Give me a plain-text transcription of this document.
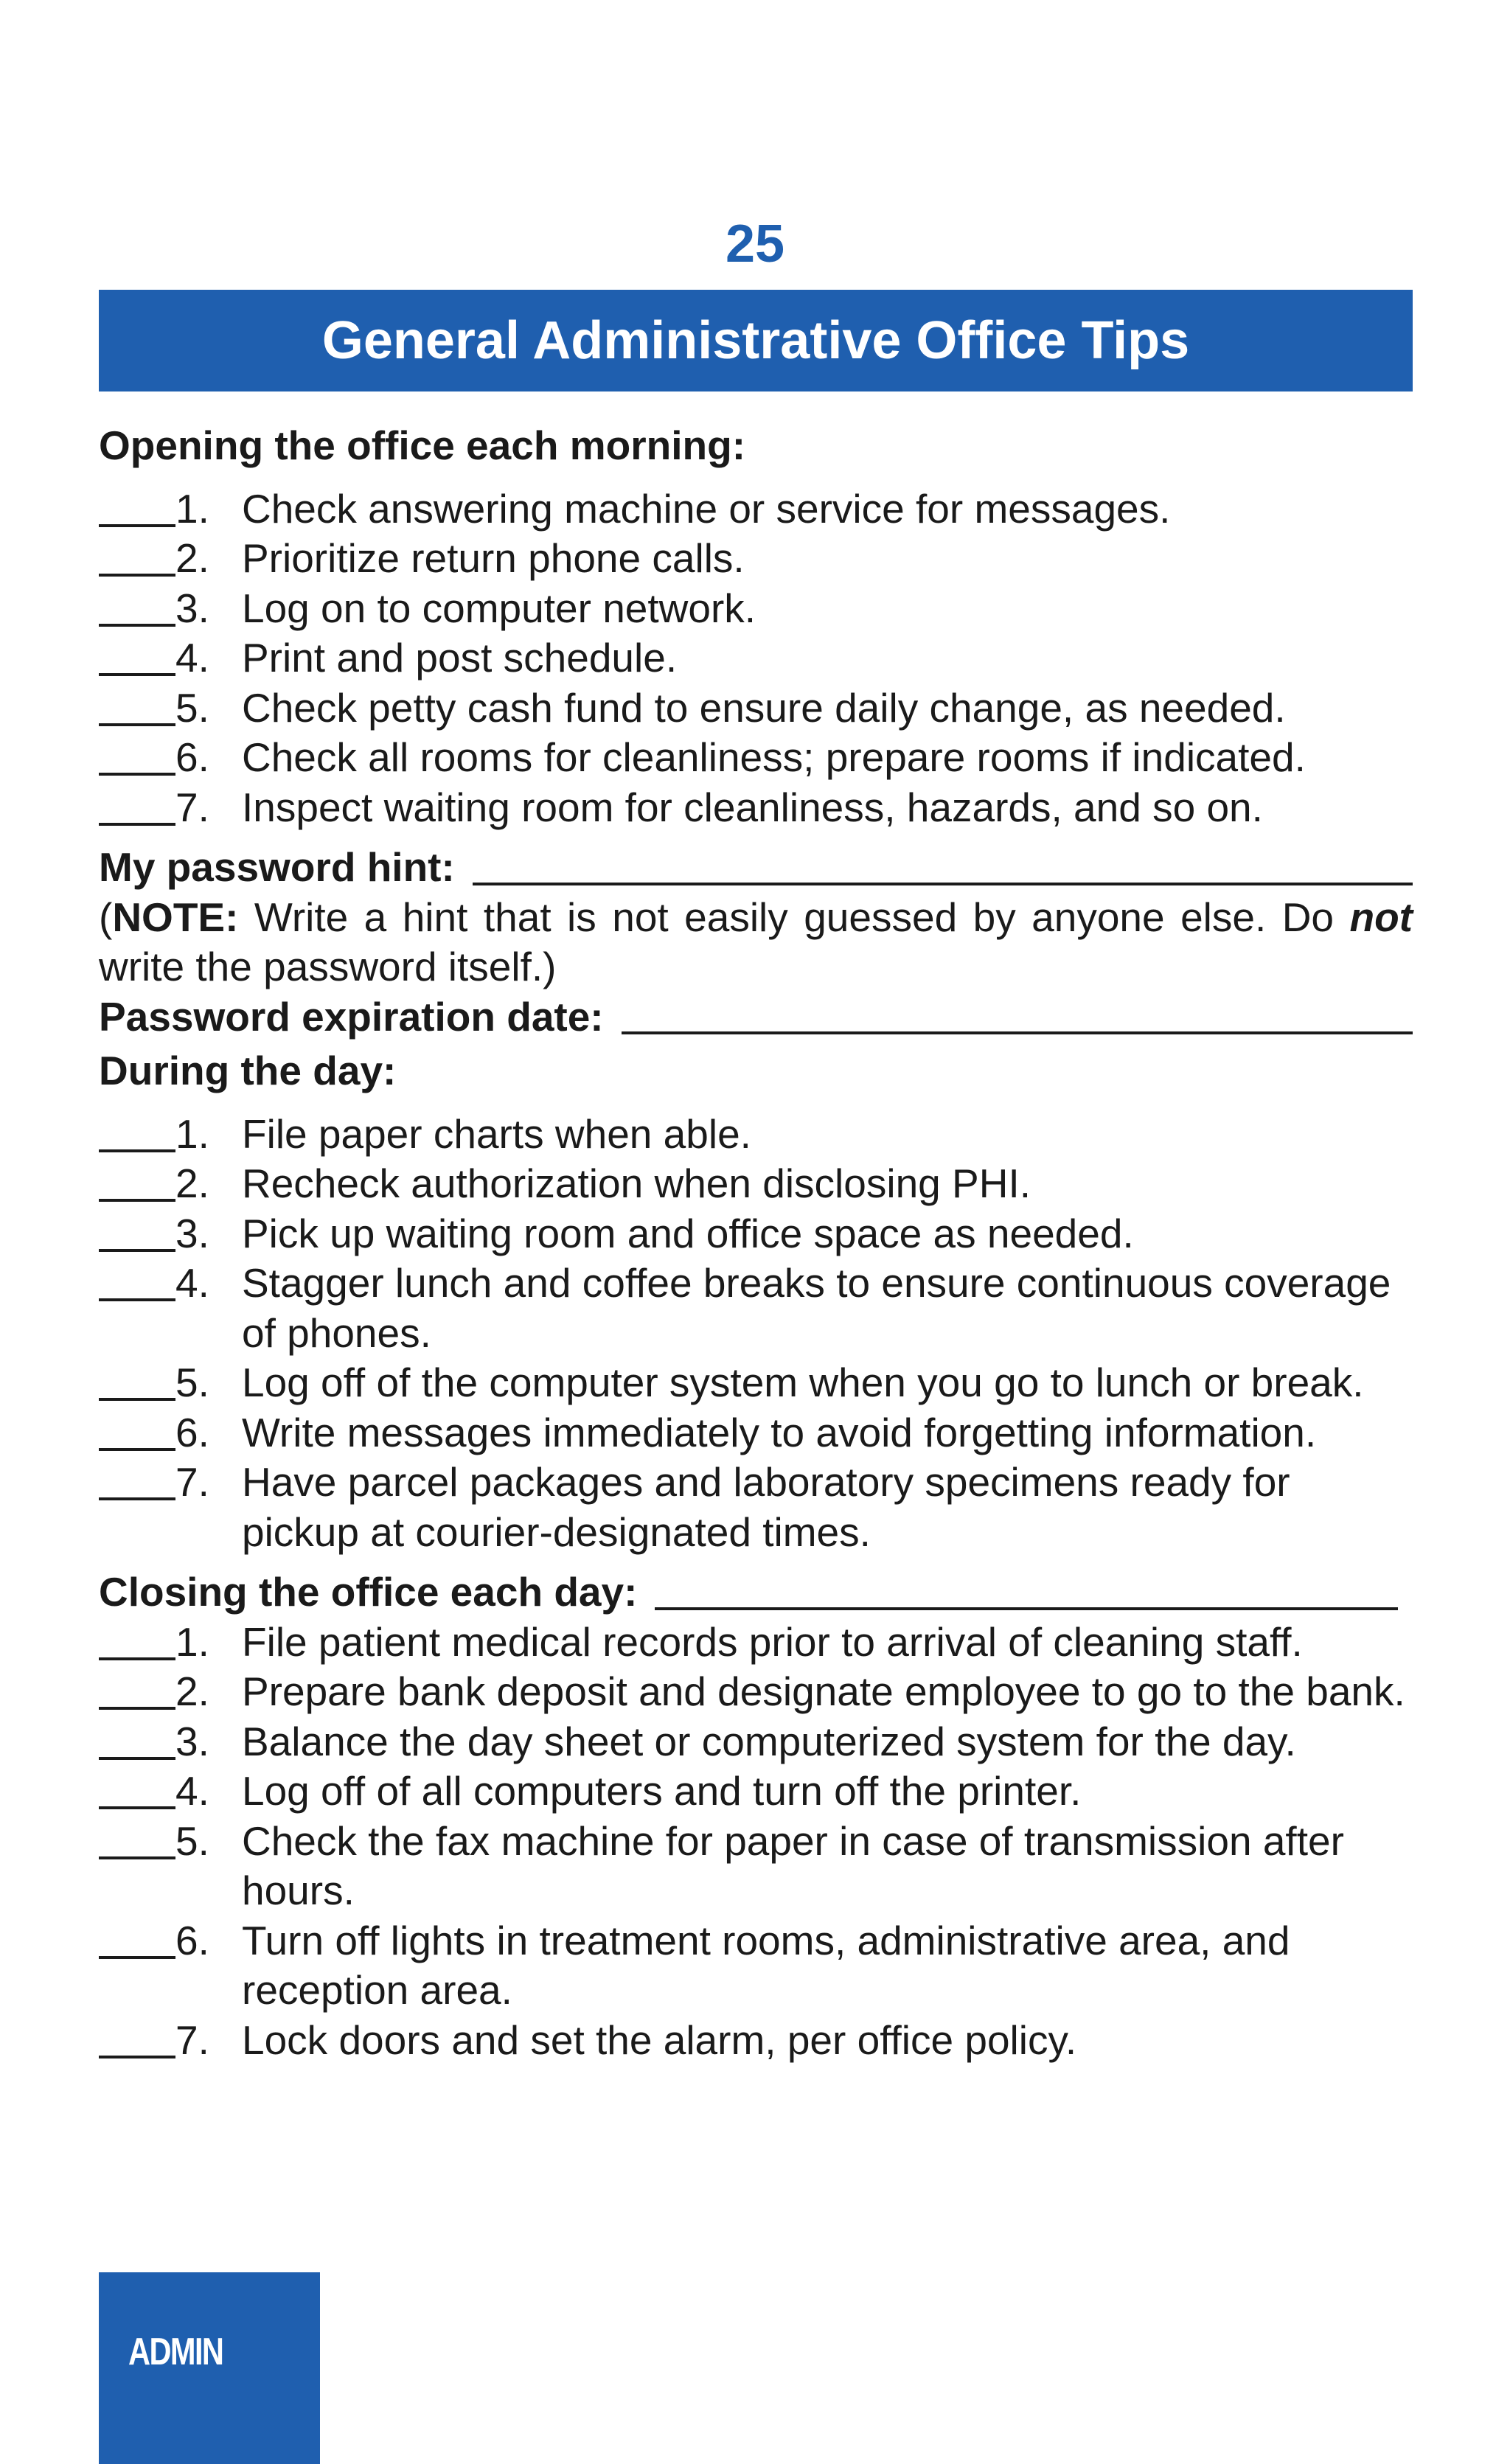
25
General Administrative Office Tips
Opening the office each morning:
1. Check answering machine or service for messages.
2. Prioritize return phone calls.
3. Log on to computer network.
4. Print and post schedule.
5. Check petty cash fund to ensure daily change, as needed.
6. Check all rooms for cleanliness; prepare rooms if indicated.
7. Inspect waiting room for cleanliness, hazards, and so on.
My password hint:
(NOTE: Write a hint that is not easily guessed by anyone else. Do not write the password itself.)
Password expiration date:
During the day:
1. File paper charts when able.
2. Recheck authorization when disclosing PHI.
3. Pick up waiting room and office space as needed.
4. Stagger lunch and coffee breaks to ensure continuous coverage of phones.
5. Log off of the computer system when you go to lunch or break.
6. Write messages immediately to avoid forgetting information.
7. Have parcel packages and laboratory specimens ready for pickup at courier-designated times.
Closing the office each day:
1. File patient medical records prior to arrival of cleaning staff.
2. Prepare bank deposit and designate employee to go to the bank.
3. Balance the day sheet or computerized system for the day.
4. Log off of all computers and turn off the printer.
5. Check the fax machine for paper in case of transmission after hours.
6. Turn off lights in treatment rooms, administrative area, and reception area.
7. Lock doors and set the alarm, per office policy.
ADMIN
